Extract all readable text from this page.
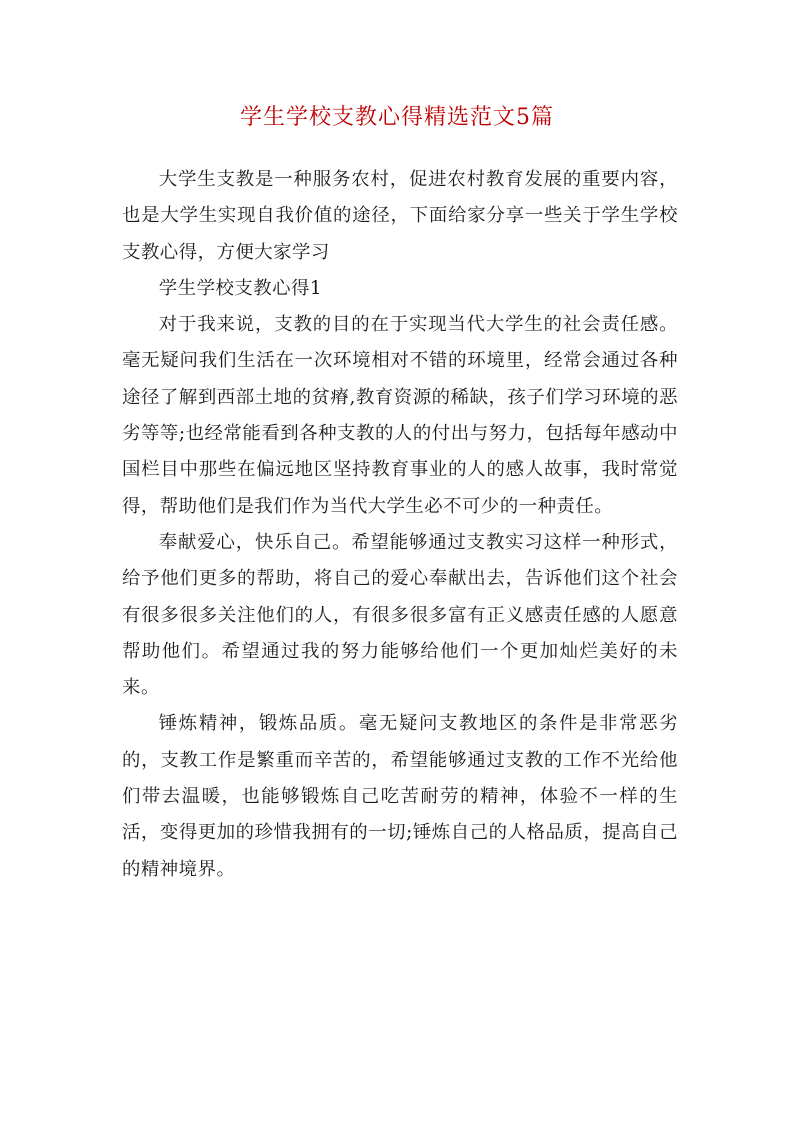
学生学校支教心得精选范文5篇

大学生支教是一种服务农村，促进农村教育发展的重要内容，也是大学生实现自我价值的途径，下面给家分享一些关于学生学校支教心得，方便大家学习

学生学校支教心得1

对于我来说，支教的目的在于实现当代大学生的社会责任感。毫无疑问我们生活在一次环境相对不错的环境里，经常会通过各种途径了解到西部土地的贫瘠,教育资源的稀缺，孩子们学习环境的恶劣等等;也经常能看到各种支教的人的付出与努力，包括每年感动中国栏目中那些在偏远地区坚持教育事业的人的感人故事，我时常觉得，帮助他们是我们作为当代大学生必不可少的一种责任。

奉献爱心，快乐自己。希望能够通过支教实习这样一种形式，给予他们更多的帮助，将自己的爱心奉献出去，告诉他们这个社会有很多很多关注他们的人，有很多很多富有正义感责任感的人愿意帮助他们。希望通过我的努力能够给他们一个更加灿烂美好的未来。

锤炼精神，锻炼品质。毫无疑问支教地区的条件是非常恶劣的，支教工作是繁重而辛苦的，希望能够通过支教的工作不光给他们带去温暖，也能够锻炼自己吃苦耐劳的精神，体验不一样的生活，变得更加的珍惜我拥有的一切;锤炼自己的人格品质，提高自己的精神境界。
